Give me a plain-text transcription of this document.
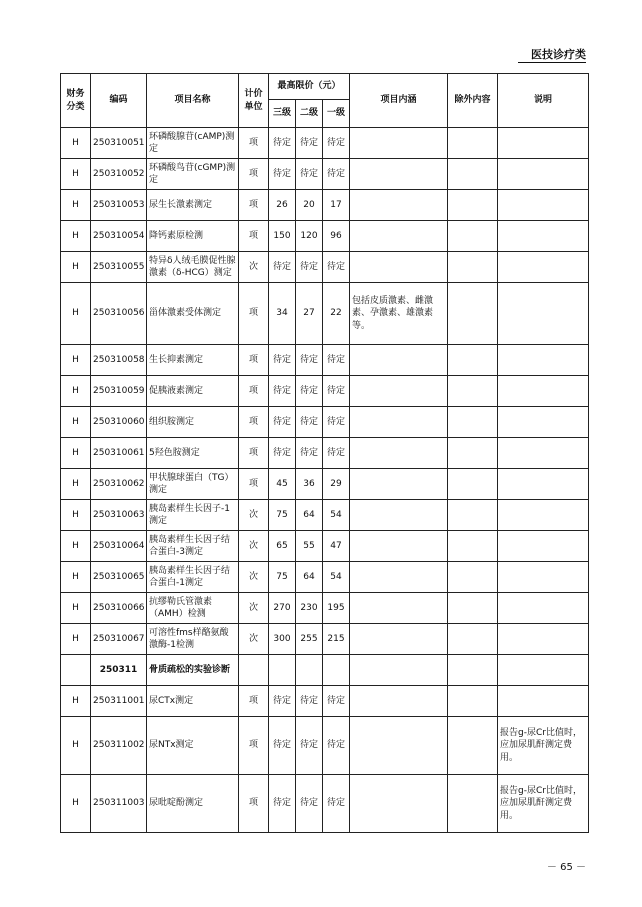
医技诊疗类
财务分类	编码	项目名称	计价单位	最高限价（元）			项目内涵	除外内容	说明
				三级	二级	一级			
H	250310051	环磷酸腺苷(cAMP)测定	项	待定	待定	待定			
H	250310052	环磷酸鸟苷(cGMP)测定	项	待定	待定	待定			
H	250310053	尿生长激素测定	项	26	20	17			
H	250310054	降钙素原检测	项	150	120	96			
H	250310055	特异δ人绒毛膜促性腺激素（δ-HCG）测定	次	待定	待定	待定			
H	250310056	甾体激素受体测定	项	34	27	22	包括皮质激素、雌激素、孕激素、雄激素等。		
H	250310058	生长抑素测定	项	待定	待定	待定			
H	250310059	促胰液素测定	项	待定	待定	待定			
H	250310060	组织胺测定	项	待定	待定	待定			
H	250310061	5羟色胺测定	项	待定	待定	待定			
H	250310062	甲状腺球蛋白（TG）测定	项	45	36	29			
H	250310063	胰岛素样生长因子-1测定	次	75	64	54			
H	250310064	胰岛素样生长因子结合蛋白-3测定	次	65	55	47			
H	250310065	胰岛素样生长因子结合蛋白-1测定	次	75	64	54			
H	250310066	抗缪勒氏管激素（AMH）检测	次	270	230	195			
H	250310067	可溶性fms样酪氨酸激酶-1检测	次	300	255	215			
	250311	骨质疏松的实验诊断							
H	250311001	尿CTx测定	项	待定	待定	待定			
H	250311002	尿NTx测定	项	待定	待定	待定			报告g-尿Cr比值时，应加尿肌酐测定费用。
H	250311003	尿吡啶酚测定	项	待定	待定	待定			报告g-尿Cr比值时，应加尿肌酐测定费用。
－ 65 －
